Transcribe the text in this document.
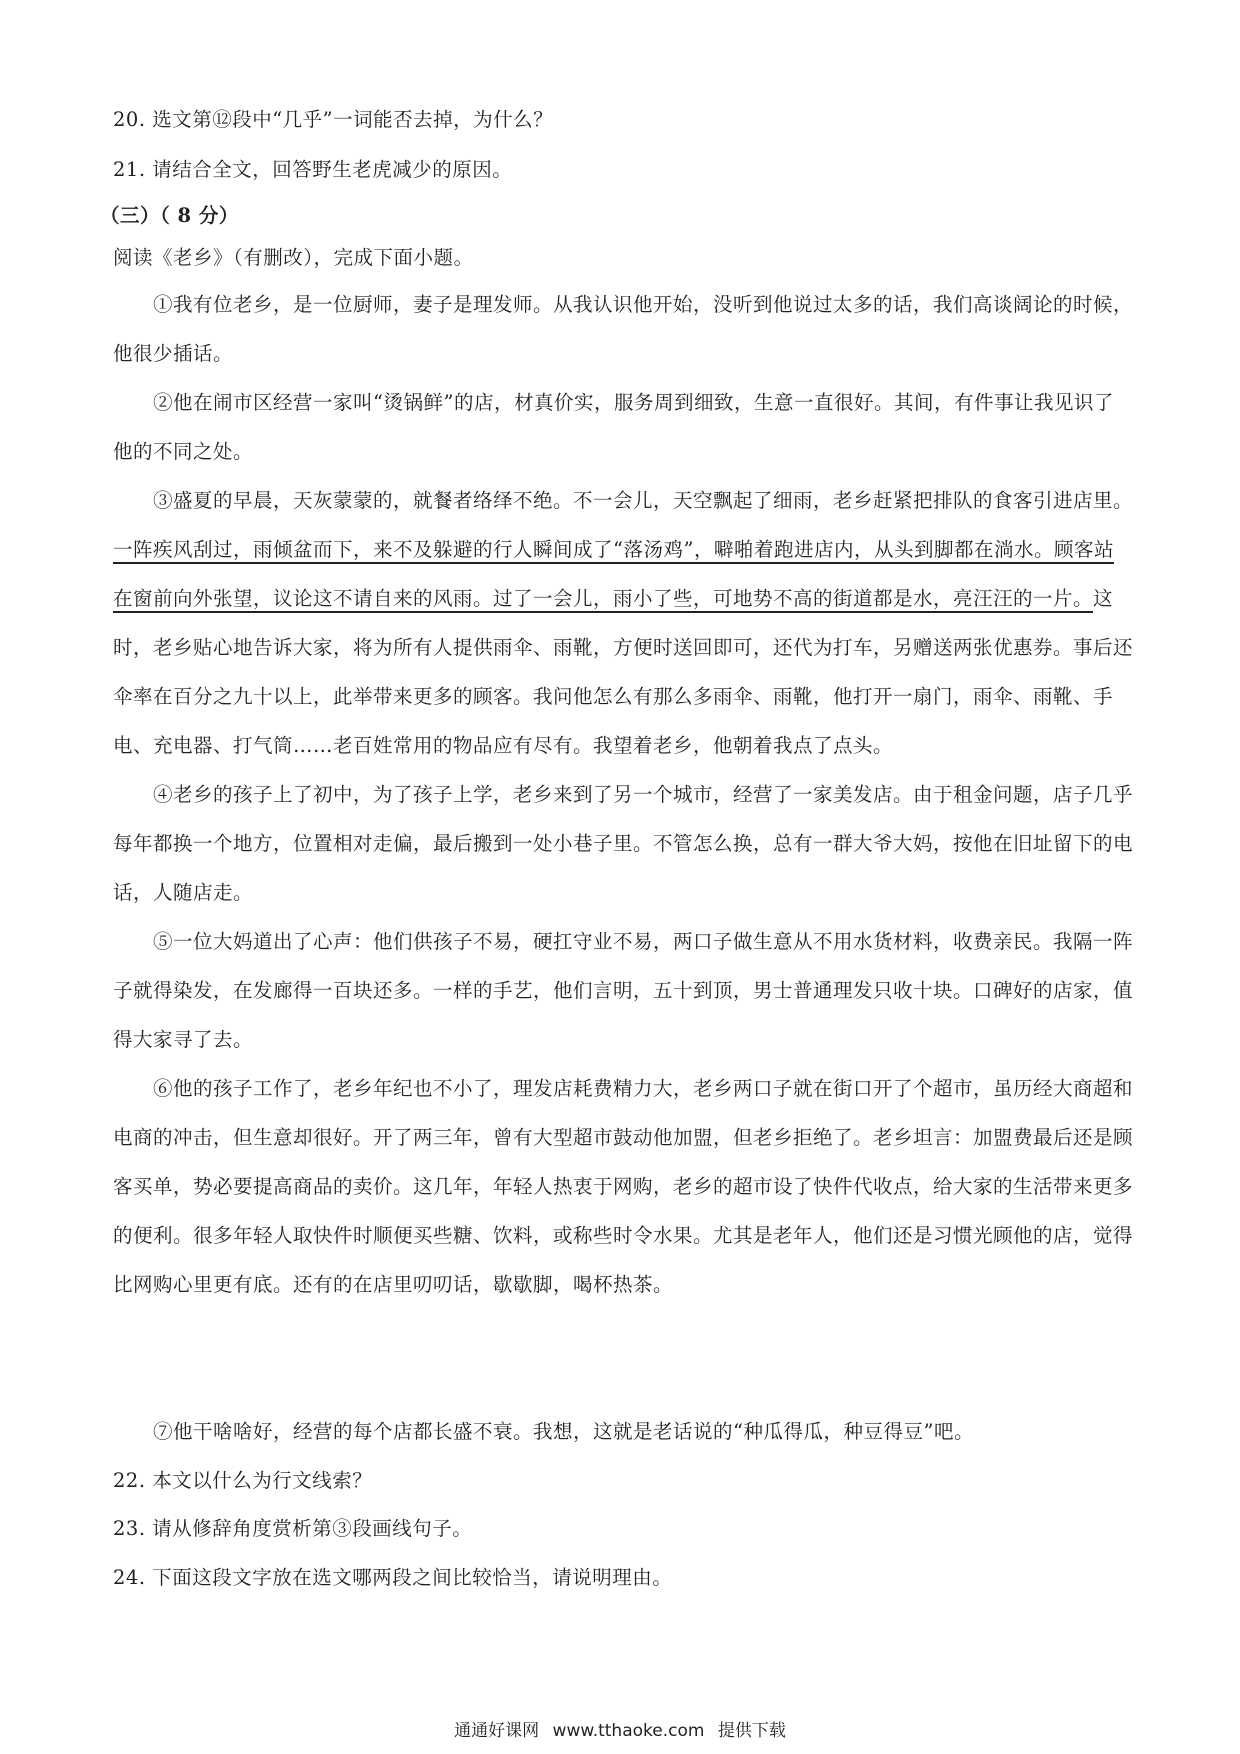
20. 选文第⑫段中“几乎”一词能否去掉，为什么？
21. 请结合全文，回答野生老虎减少的原因。
（三）（ 8 分）
阅读《老乡》（有删改），完成下面小题。
①我有位老乡，是一位厨师，妻子是理发师。从我认识他开始，没听到他说过太多的话，我们高谈阔论的时候，他很少插话。
②他在闹市区经营一家叫“烫锅鲜”的店，材真价实，服务周到细致，生意一直很好。其间，有件事让我见识了他的不同之处。
③盛夏的早晨，天灰蒙蒙的，就餐者络绎不绝。不一会儿，天空飘起了细雨，老乡赶紧把排队的食客引进店里。一阵疾风刮过，雨倾盆而下，来不及躲避的行人瞬间成了“落汤鸡”，噼啪着跑进店内，从头到脚都在淌水。顾客站在窗前向外张望，议论这不请自来的风雨。过了一会儿，雨小了些，可地势不高的街道都是水，亮汪汪的一片。这时，老乡贴心地告诉大家，将为所有人提供雨伞、雨靴，方便时送回即可，还代为打车，另赠送两张优惠券。事后还伞率在百分之九十以上，此举带来更多的顾客。我问他怎么有那么多雨伞、雨靴，他打开一扇门，雨伞、雨靴、手电、充电器、打气筒……老百姓常用的物品应有尽有。我望着老乡，他朝着我点了点头。
④老乡的孩子上了初中，为了孩子上学，老乡来到了另一个城市，经营了一家美发店。由于租金问题，店子几乎每年都换一个地方，位置相对走偏，最后搬到一处小巷子里。不管怎么换，总有一群大爷大妈，按他在旧址留下的电话，人随店走。
⑤一位大妈道出了心声：他们供孩子不易，硬扛守业不易，两口子做生意从不用水货材料，收费亲民。我隔一阵子就得染发，在发廊得一百块还多。一样的手艺，他们言明，五十到顶，男士普通理发只收十块。口碑好的店家，值得大家寻了去。
⑥他的孩子工作了，老乡年纪也不小了，理发店耗费精力大，老乡两口子就在街口开了个超市，虽历经大商超和电商的冲击，但生意却很好。开了两三年，曾有大型超市鼓动他加盟，但老乡拒绝了。老乡坦言：加盟费最后还是顾客买单，势必要提高商品的卖价。这几年，年轻人热衷于网购，老乡的超市设了快件代收点，给大家的生活带来更多的便利。很多年轻人取快件时顺便买些糖、饮料，或称些时令水果。尤其是老年人，他们还是习惯光顾他的店，觉得比网购心里更有底。还有的在店里叨叨话，歇歇脚，喝杯热茶。
⑦他干啥啥好，经营的每个店都长盛不衰。我想，这就是老话说的“种瓜得瓜，种豆得豆”吧。
22. 本文以什么为行文线索？
23. 请从修辞角度赏析第③段画线句子。
24. 下面这段文字放在选文哪两段之间比较恰当，请说明理由。
通通好课网 www.tthaoke.com 提供下载
